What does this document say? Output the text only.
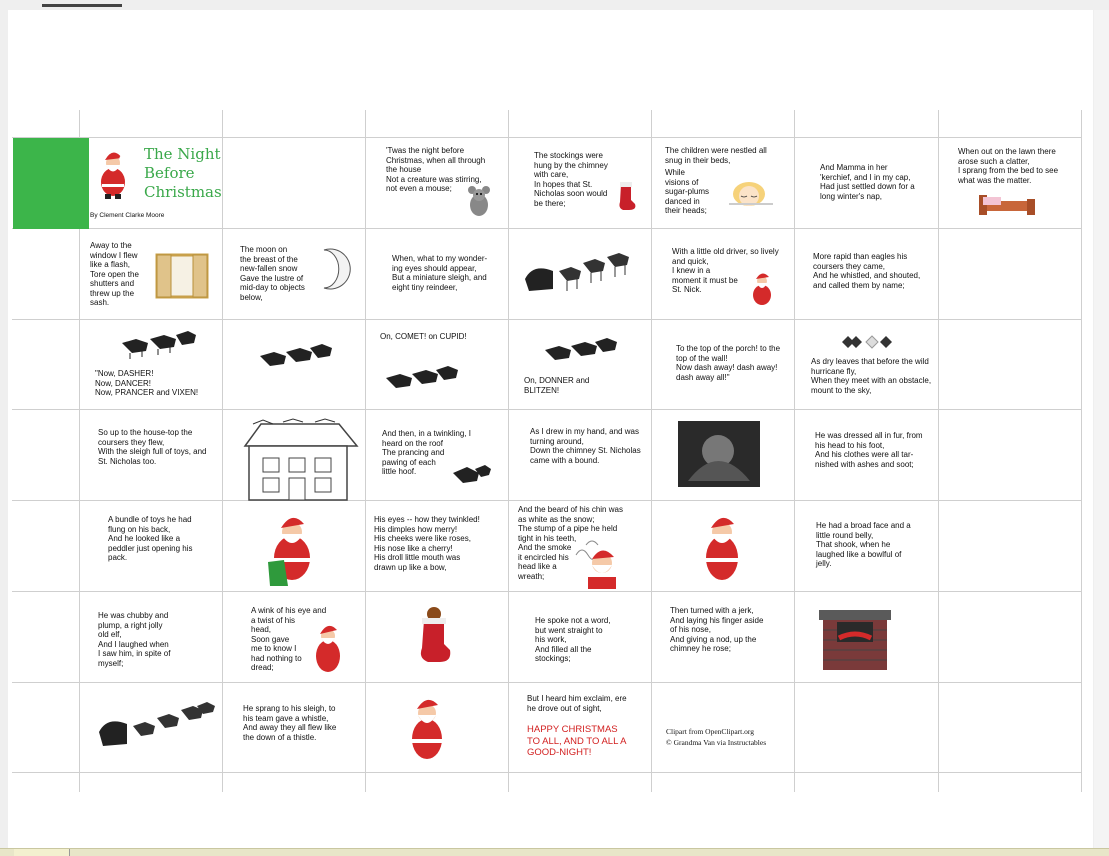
The Night
Before
Christmas
By Clement Clarke Moore
'Twas the night before
Christmas, when all through
the house
Not a creature was stirring,
not even a mouse;
The stockings were
hung by the chimney
with care,
In hopes that St.
Nicholas soon would
be there;
The children were nestled all
snug in their beds,
While
visions of
sugar-plums
danced in
their heads;
And Mamma in her
'kerchief, and I in my cap,
Had just settled down for a
long winter's nap,
When out on the lawn there
arose such a clatter,
I sprang from the bed to see
what was the matter.
Away to the
window I flew
like a flash,
Tore open the
shutters and
threw up the
sash.
The moon on
the breast of the
new-fallen snow
Gave the lustre of
mid-day to objects
below,
When, what to my wonder-
ing eyes should appear,
But a miniature sleigh, and
eight tiny reindeer,
With a little old driver, so lively
and quick,
I knew in a
moment it must be
St. Nick.
More rapid than eagles his
coursers they came,
And he whistled, and shouted,
and called them by name;
"Now, DASHER!
Now, DANCER!
Now, PRANCER and VIXEN!
On, COMET! on CUPID!
On, DONNER and
BLITZEN!
To the top of the porch! to the
top of the wall!
Now dash away! dash away!
dash away all!"
As dry leaves that before the wild
hurricane fly,
When they meet with an obstacle,
mount to the sky,
So up to the house-top the
coursers they flew,
With the sleigh full of toys, and
St. Nicholas too.
And then, in a twinkling, I
heard on the roof
The prancing and
pawing of each
little hoof.
As I drew in my hand, and was
turning around,
Down the chimney St. Nicholas
came with a bound.
He was dressed all in fur, from
his head to his foot,
And his clothes were all tar-
nished with ashes and soot;
A bundle of toys he had
flung on his back,
And he looked like a
peddler just opening his
pack.
His eyes -- how they twinkled!
His dimples how merry!
His cheeks were like roses,
His nose like a cherry!
His droll little mouth was
drawn up like a bow,
And the beard of his chin was
as white as the snow;
The stump of a pipe he held
tight in his teeth,
And the smoke
it encircled his
head like a
wreath;
He had a broad face and a
little round belly,
That shook, when he
laughed like a bowlful of
jelly.
He was chubby and
plump, a right jolly
old elf,
And I laughed when
I saw him, in spite of
myself;
A wink of his eye and
a twist of his
head,
Soon gave
me to know I
had nothing to
dread;
He spoke not a word,
but went straight to
his work,
And filled all the
stockings;
Then turned with a jerk,
And laying his finger aside
of his nose,
And giving a nod, up the
chimney he rose;
He sprang to his sleigh, to
his team gave a whistle,
And away they all flew like
the down of a thistle.
But I heard him exclaim, ere
he drove out of sight,
HAPPY CHRISTMAS
TO ALL, AND TO ALL A
GOOD-NIGHT!
Clipart from OpenClipart.org
© Grandma Van via Instructables
